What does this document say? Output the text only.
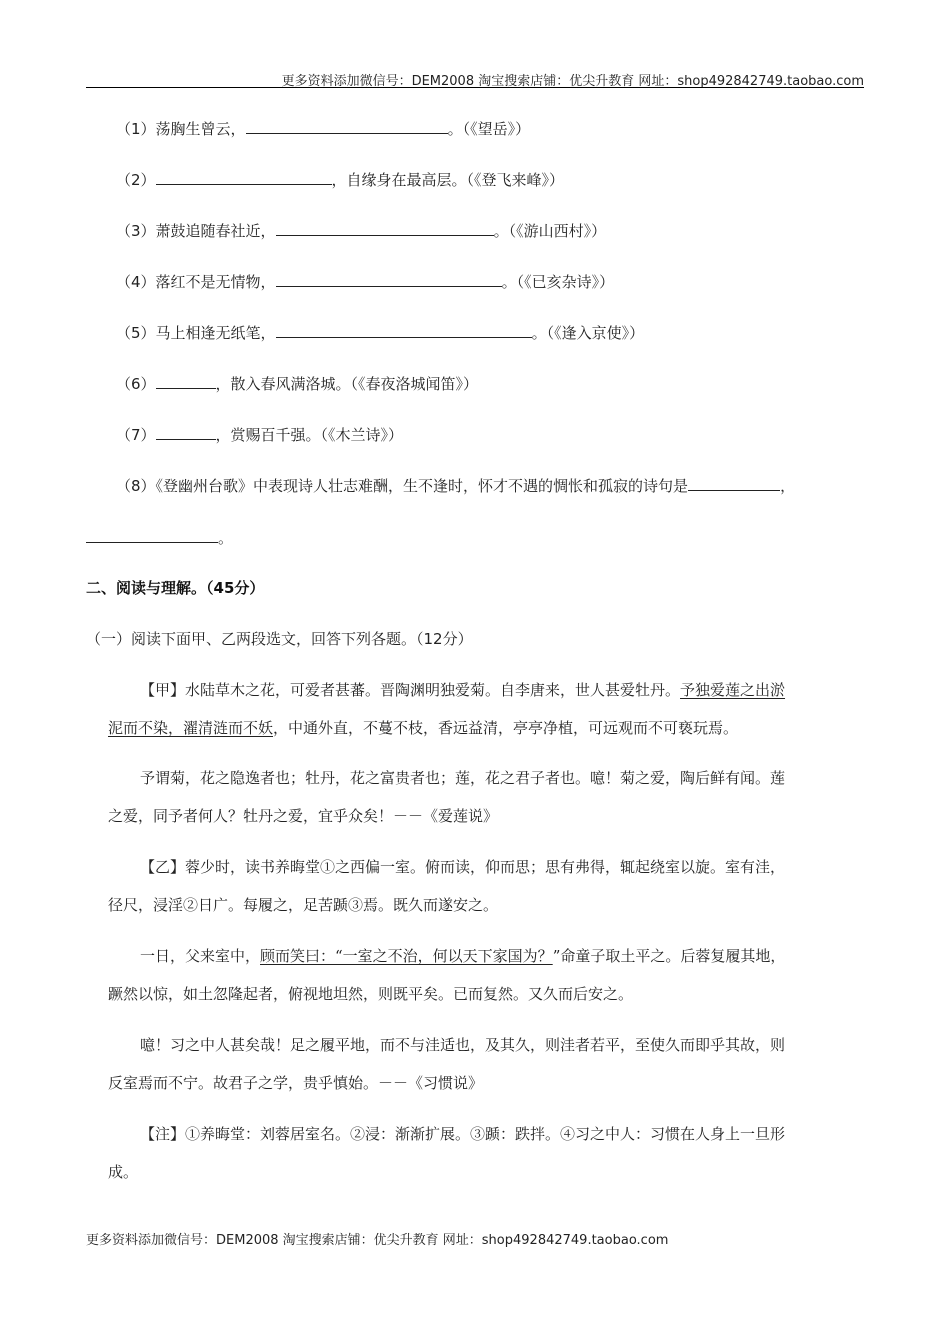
更多资料添加微信号：DEM2008 淘宝搜索店铺：优尖升教育 网址：shop492842749.taobao.com
（1）荡胸生曾云，	。（《望岳》）
（2）	，自缘身在最高层。（《登飞来峰》）
（3）萧鼓追随春社近，	。（《游山西村》）
（4）落红不是无情物，	。（《已亥杂诗》）
（5）马上相逢无纸笔，	。（《逢入京使》）
（6）	，散入春风满洛城。（《春夜洛城闻笛》）
（7）	，赏赐百千强。（《木兰诗》）
（8）《登幽州台歌》中表现诗人壮志难酬，生不逢时，怀才不遇的惆怅和孤寂的诗句是	，
。
二、阅读与理解。（45分）
（一）阅读下面甲、乙两段选文，回答下列各题。（12分）
【甲】水陆草木之花，可爱者甚蕃。晋陶渊明独爱菊。自李唐来，世人甚爱牡丹。予独爱莲之出淤
泥而不染，濯清涟而不妖，中通外直，不蔓不枝，香远益清，亭亭净植，可远观而不可亵玩焉。
予谓菊，花之隐逸者也；牡丹，花之富贵者也；莲，花之君子者也。噫！菊之爱，陶后鲜有闻。莲
之爱，同予者何人？牡丹之爱，宜乎众矣！－－《爱莲说》
【乙】蓉少时，读书养晦堂①之西偏一室。俯而读，仰而思；思有弗得，辄起绕室以旋。室有洼，
径尺，浸淫②日广。每履之，足苦踬③焉。既久而遂安之。
一日，父来室中，顾而笑曰：“一室之不治，何以天下家国为？”命童子取土平之。后蓉复履其地，
蹶然以惊，如土忽隆起者，俯视地坦然，则既平矣。已而复然。又久而后安之。
噫！习之中人甚矣哉！足之履平地，而不与洼适也，及其久，则洼者若平，至使久而即乎其故，则
反室焉而不宁。故君子之学，贵乎慎始。－－《习惯说》
【注】①养晦堂：刘蓉居室名。②浸：渐渐扩展。③踬：跌拌。④习之中人：习惯在人身上一旦形
成。
更多资料添加微信号：DEM2008 淘宝搜索店铺：优尖升教育 网址：shop492842749.taobao.com
